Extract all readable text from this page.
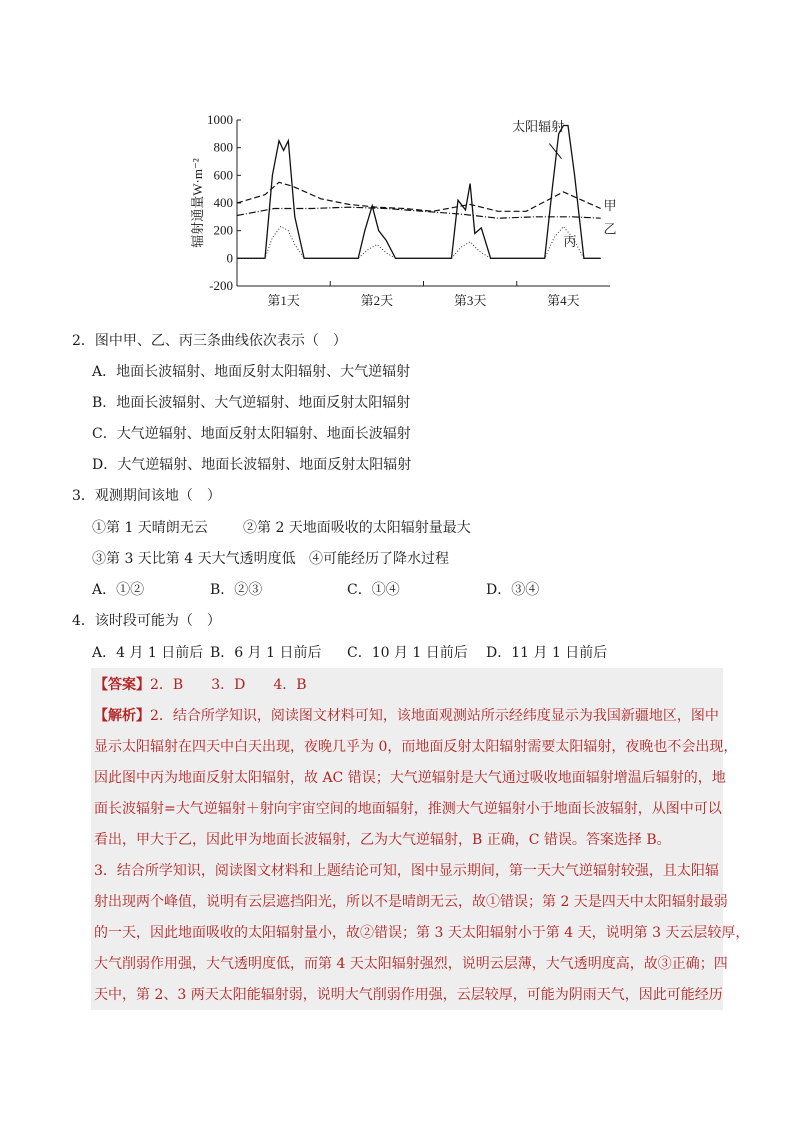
1000
800
600
400
200
0
-200
辐射通量W·m⁻²
第1天	第2天	第3天	第4天
太阳辐射
甲
乙
丙
2．图中甲、乙、丙三条曲线依次表示（　）
A．地面长波辐射、地面反射太阳辐射、大气逆辐射
B．地面长波辐射、大气逆辐射、地面反射太阳辐射
C．大气逆辐射、地面反射太阳辐射、地面长波辐射
D．大气逆辐射、地面长波辐射、地面反射太阳辐射
3．观测期间该地（　）
①第 1 天晴朗无云	②第 2 天地面吸收的太阳辐射量最大
③第 3 天比第 4 天大气透明度低 ④可能经历了降水过程
A．①②	B．②③	C．①④	D．③④
4．该时段可能为（　）
A．4 月 1 日前后 B．6 月 1 日前后 C．10 月 1 日前后 D．11 月 1 日前后
【答案】2．B　　3．D　　4．B
【解析】2．结合所学知识，阅读图文材料可知，该地面观测站所示经纬度显示为我国新疆地区，图中
显示太阳辐射在四天中白天出现，夜晚几乎为 0，而地面反射太阳辐射需要太阳辐射，夜晚也不会出现，
因此图中丙为地面反射太阳辐射，故 AC 错误；大气逆辐射是大气通过吸收地面辐射增温后辐射的，地
面长波辐射=大气逆辐射＋射向宇宙空间的地面辐射，推测大气逆辐射小于地面长波辐射，从图中可以
看出，甲大于乙，因此甲为地面长波辐射，乙为大气逆辐射，B 正确，C 错误。答案选择 B。
3．结合所学知识，阅读图文材料和上题结论可知，图中显示期间，第一天大气逆辐射较强，且太阳辐
射出现两个峰值，说明有云层遮挡阳光，所以不是晴朗无云，故①错误；第 2 天是四天中太阳辐射最弱
的一天，因此地面吸收的太阳辐射量小，故②错误；第 3 天太阳辐射小于第 4 天，说明第 3 天云层较厚，
大气削弱作用强，大气透明度低，而第 4 天太阳辐射强烈，说明云层薄，大气透明度高，故③正确；四
天中，第 2、3 两天太阳能辐射弱，说明大气削弱作用强，云层较厚，可能为阴雨天气，因此可能经历
